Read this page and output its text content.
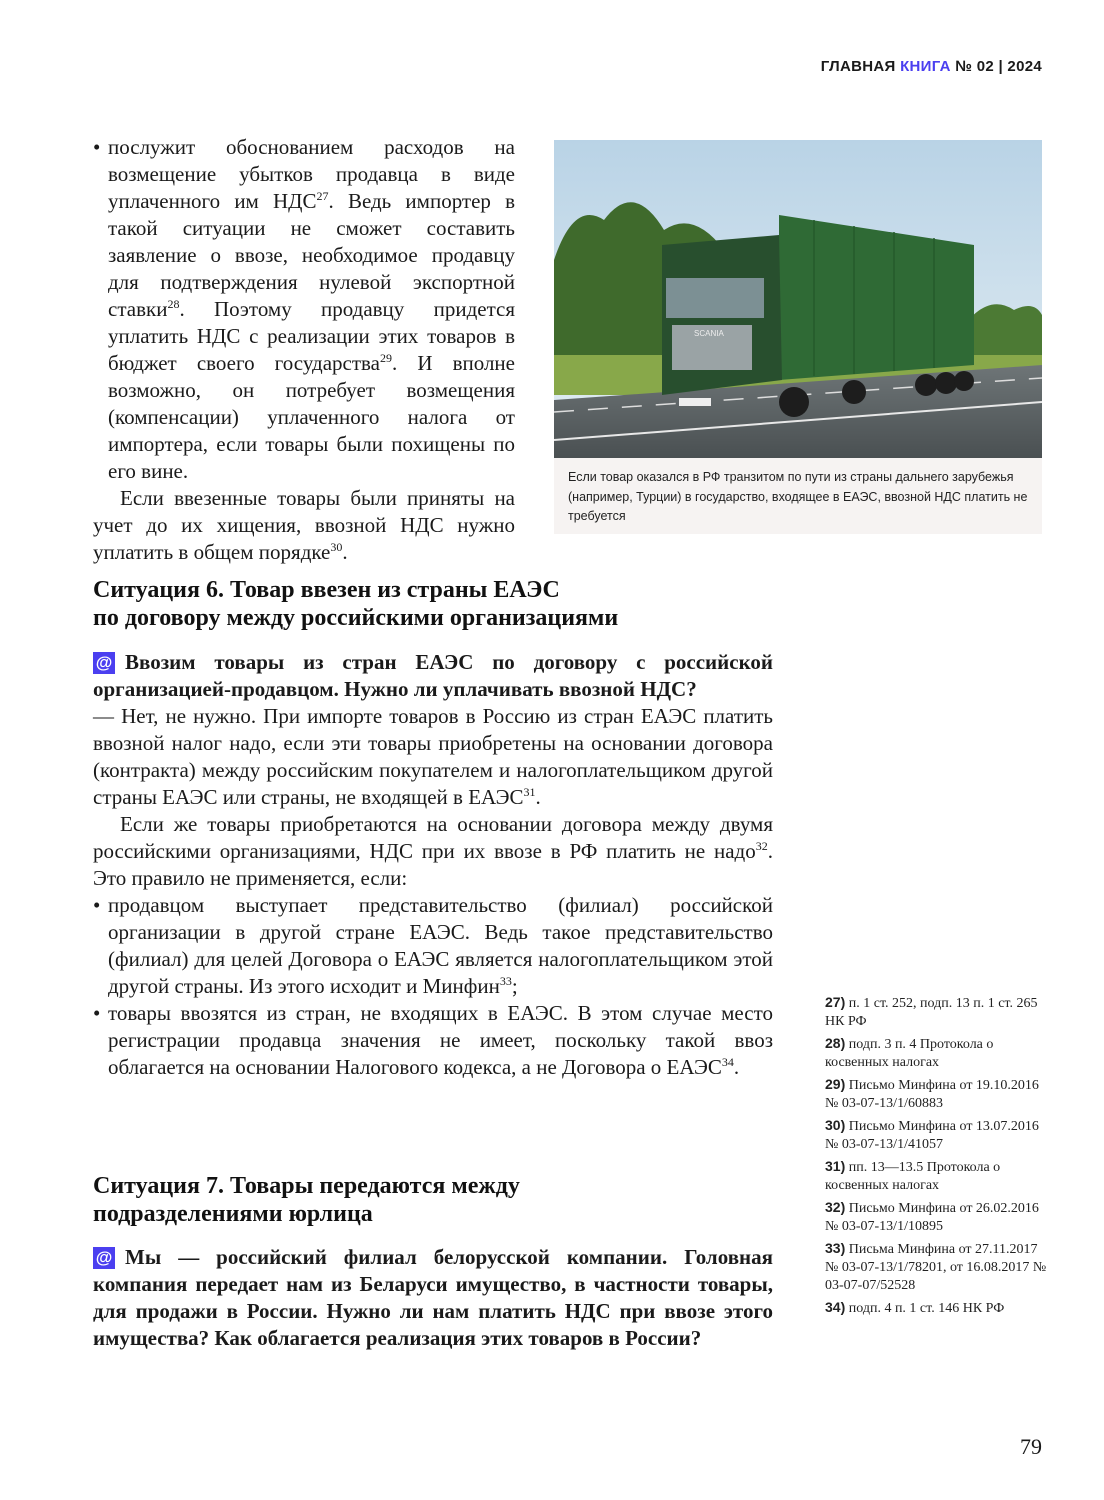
ГЛАВНАЯ КНИГА № 02 | 2024

• послужит обоснованием расходов на возмещение убытков продавца в виде уплаченного им НДС$^{27}$. Ведь импортер в такой ситуации не сможет составить заявление о ввозе, необходимое продавцу для подтверждения нулевой экспортной ставки$^{28}$. Поэтому продавцу придется уплатить НДС с реализации этих товаров в бюджет своего государства$^{29}$. И вполне возможно, он потребует возмещения (компенсации) уплаченного налога от импортера, если товары были похищены по его вине.

Если ввезенные товары были приняты на учет до их хищения, ввозной НДС нужно уплатить в общем порядке$^{30}$.

SCANIA
Если товар оказался в РФ транзитом по пути из страны дальнего зарубежья (например, Турции) в государство, входящее в ЕАЭС, ввозной НДС платить не требуется
Ситуация 6. Товар ввезен из страны ЕАЭС
по договору между российскими организациями

@ Ввозим товары из стран ЕАЭС по договору с российской организацией-продавцом. Нужно ли уплачивать ввозной НДС?

— Нет, не нужно. При импорте товаров в Россию из стран ЕАЭС платить ввозной налог надо, если эти товары приобретены на основании договора (контракта) между российским покупателем и налогоплательщиком другой страны ЕАЭС или страны, не входящей в ЕАЭС$^{31}$.

Если же товары приобретаются на основании договора между двумя российскими организациями, НДС при их ввозе в РФ платить не надо$^{32}$. Это правило не применяется, если:

• продавцом выступает представительство (филиал) российской организации в другой стране ЕАЭС. Ведь такое представительство (филиал) для целей Договора о ЕАЭС является налогоплательщиком этой другой страны. Из этого исходит и Минфин$^{33}$;

• товары ввозятся из стран, не входящих в ЕАЭС. В этом случае место регистрации продавца значения не имеет, поскольку такой ввоз облагается на основании Налогового кодекса, а не Договора о ЕАЭС$^{34}$.

Ситуация 7. Товары передаются между
подразделениями юрлица

@ Мы — российский филиал белорусской компании. Головная компания передает нам из Беларуси имущество, в частности товары, для продажи в России. Нужно ли нам платить НДС при ввозе этого имущества? Как облагается реализация этих товаров в России?

27) п. 1 ст. 252, подп. 13 п. 1 ст. 265 НК РФ
28) подп. 3 п. 4 Протокола о косвенных налогах
29) Письмо Минфина от 19.10.2016 № 03-07-13/1/60883
30) Письмо Минфина от 13.07.2016 № 03-07-13/1/41057
31) пп. 13—13.5 Протокола о косвенных налогах
32) Письмо Минфина от 26.02.2016 № 03-07-13/1/10895
33) Письма Минфина от 27.11.2017 № 03-07-13/1/78201, от 16.08.2017 № 03-07-07/52528
34) подп. 4 п. 1 ст. 146 НК РФ
79
